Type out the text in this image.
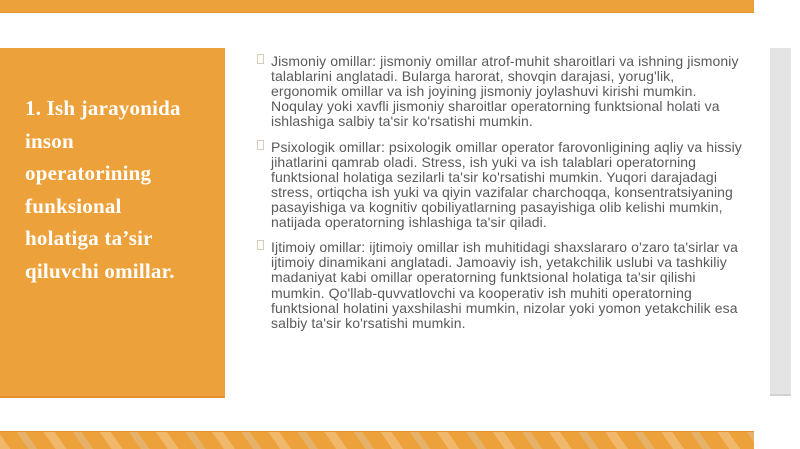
1. Ish jarayonida inson operatorining funksional holatiga ta’sir qiluvchi omillar.
Jismoniy omillar: jismoniy omillar atrof-muhit sharoitlari va ishning jismoniy talablarini anglatadi. Bularga harorat, shovqin darajasi, yorug'lik, ergonomik omillar va ish joyining jismoniy joylashuvi kirishi mumkin. Noqulay yoki xavfli jismoniy sharoitlar operatorning funktsional holati va ishlashiga salbiy ta'sir ko'rsatishi mumkin.
Psixologik omillar: psixologik omillar operator farovonligining aqliy va hissiy jihatlarini qamrab oladi. Stress, ish yuki va ish talablari operatorning funktsional holatiga sezilarli ta'sir ko'rsatishi mumkin. Yuqori darajadagi stress, ortiqcha ish yuki va qiyin vazifalar charchoqqa, konsentratsiyaning pasayishiga va kognitiv qobiliyatlarning pasayishiga olib kelishi mumkin, natijada operatorning ishlashiga ta'sir qiladi.
Ijtimoiy omillar: ijtimoiy omillar ish muhitidagi shaxslararo o'zaro ta'sirlar va ijtimoiy dinamikani anglatadi. Jamoaviy ish, yetakchilik uslubi va tashkiliy madaniyat kabi omillar operatorning funktsional holatiga ta'sir qilishi mumkin. Qo'llab-quvvatlovchi va kooperativ ish muhiti operatorning funktsional holatini yaxshilashi mumkin, nizolar yoki yomon yetakchilik esa salbiy ta'sir ko'rsatishi mumkin.
